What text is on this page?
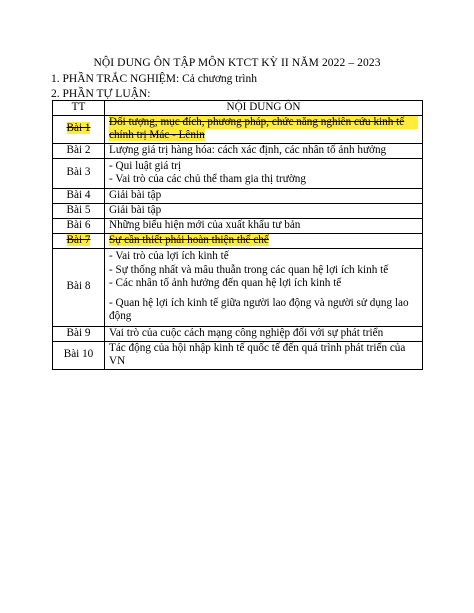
NỘI DUNG ÔN TẬP MÔN KTCT KỲ II NĂM 2022 – 2023
1. PHẦN TRẮC NGHIỆM: Cả chương trình
2. PHẦN TỰ LUẬN:
TT	NỘI DUNG ÔN
Bài 1	Đối tượng, mục đích, phương pháp, chức năng nghiên cứu kinh tế
chính trị Mác - Lênin

Bài 2	Lượng giá trị hàng hóa: cách xác định, các nhân tố ảnh hưởng
Bài 3	- Qui luật giá trị
- Vai trò của các chủ thể tham gia thị trường

Bài 4	Giải bài tập
Bài 5	Giải bài tập
Bài 6	Những biểu hiện mới của xuất khẩu tư bản
Bài 7	Sự cần thiết phải hoàn thiện thể chế
Bài 8	- Vai trò của lợi ích kinh tế
- Sự thống nhất và mâu thuẫn trong các quan hệ lợi ích kinh tế
- Các nhân tố ảnh hưởng đến quan hệ lợi ích kinh tế
- Quan hệ lợi ích kinh tế giữa người lao động và người sử dụng lao
động

Bài 9	Vai trò của cuộc cách mạng công nghiệp đối với sự phát triển
Bài 10	Tác động của hội nhập kinh tế quốc tế đến quá trình phát triển của VN
